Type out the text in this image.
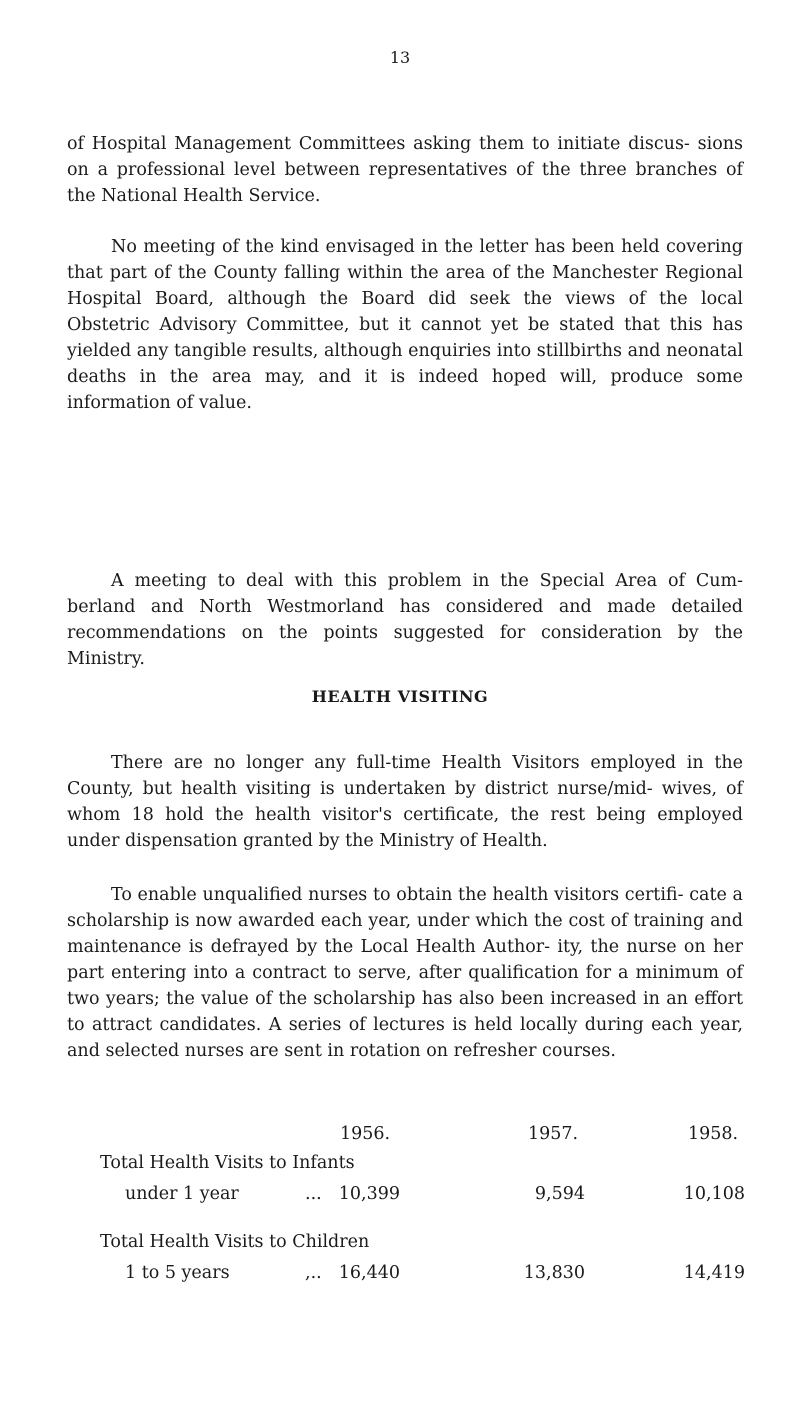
13

of Hospital Management Committees asking them to initiate discus- sions on a professional level between representatives of the three branches of the National Health Service.

No meeting of the kind envisaged in the letter has been held covering that part of the County falling within the area of the Manchester Regional Hospital Board, although the Board did seek the views of the local Obstetric Advisory Committee, but it cannot yet be stated that this has yielded any tangible results, although enquiries into stillbirths and neonatal deaths in the area may, and it is indeed hoped will, produce some information of value.

A meeting to deal with this problem in the Special Area of Cum- berland and North Westmorland has considered and made detailed recommendations on the points suggested for consideration by the Ministry.

HEALTH VISITING

There are no longer any full-time Health Visitors employed in the County, but health visiting is undertaken by district nurse/mid- wives, of whom 18 hold the health visitor's certificate, the rest being employed under dispensation granted by the Ministry of Health.

To enable unqualified nurses to obtain the health visitors certifi- cate a scholarship is now awarded each year, under which the cost of training and maintenance is defrayed by the Local Health Author- ity, the nurse on her part entering into a contract to serve, after qualification for a minimum of two years; the value of the scholarship has also been increased in an effort to attract candidates. A series of lectures is held locally during each year, and selected nurses are sent in rotation on refresher courses.

1956.	1957.	1958.
Total Health Visits to Infants
under 1 year	... 10,399	9,594	10,108
Total Health Visits to Children
1 to 5 years	,.. 16,440	13,830	14,419
